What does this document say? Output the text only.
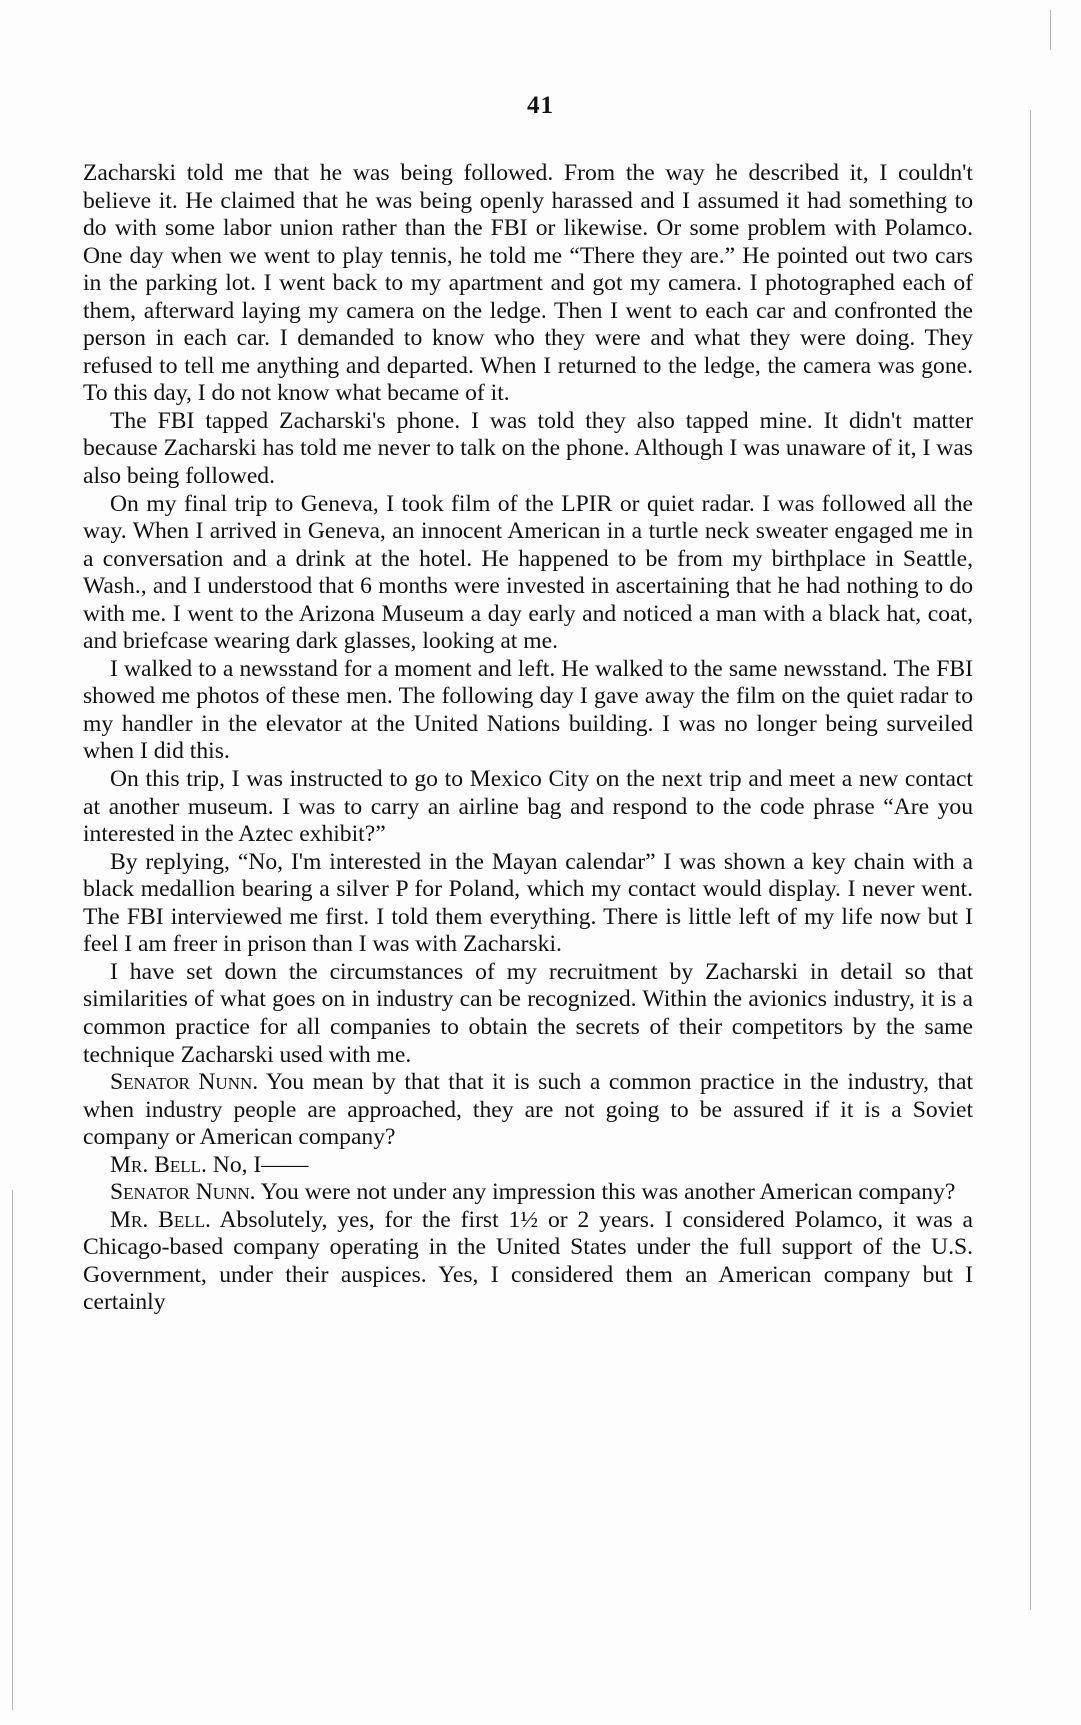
41

Zacharski told me that he was being followed. From the way he described it, I couldn't believe it. He claimed that he was being openly harassed and I assumed it had something to do with some labor union rather than the FBI or likewise. Or some problem with Polamco. One day when we went to play tennis, he told me “There they are.” He pointed out two cars in the parking lot. I went back to my apartment and got my camera. I photographed each of them, afterward laying my camera on the ledge. Then I went to each car and confronted the person in each car. I demanded to know who they were and what they were doing. They refused to tell me anything and departed. When I returned to the ledge, the camera was gone. To this day, I do not know what became of it.

The FBI tapped Zacharski's phone. I was told they also tapped mine. It didn't matter because Zacharski has told me never to talk on the phone. Although I was unaware of it, I was also being followed.

On my final trip to Geneva, I took film of the LPIR or quiet radar. I was followed all the way. When I arrived in Geneva, an innocent American in a turtle neck sweater engaged me in a conversation and a drink at the hotel. He happened to be from my birthplace in Seattle, Wash., and I understood that 6 months were invested in ascertaining that he had nothing to do with me. I went to the Arizona Museum a day early and noticed a man with a black hat, coat, and briefcase wearing dark glasses, looking at me.

I walked to a newsstand for a moment and left. He walked to the same newsstand. The FBI showed me photos of these men. The following day I gave away the film on the quiet radar to my handler in the elevator at the United Nations building. I was no longer being surveiled when I did this.

On this trip, I was instructed to go to Mexico City on the next trip and meet a new contact at another museum. I was to carry an airline bag and respond to the code phrase “Are you interested in the Aztec exhibit?”

By replying, “No, I'm interested in the Mayan calendar” I was shown a key chain with a black medallion bearing a silver P for Poland, which my contact would display. I never went. The FBI interviewed me first. I told them everything. There is little left of my life now but I feel I am freer in prison than I was with Zacharski.

I have set down the circumstances of my recruitment by Zacharski in detail so that similarities of what goes on in industry can be recognized. Within the avionics industry, it is a common practice for all companies to obtain the secrets of their competitors by the same technique Zacharski used with me.

Senator Nunn. You mean by that that it is such a common practice in the industry, that when industry people are approached, they are not going to be assured if it is a Soviet company or American company?

Mr. Bell. No, I——

Senator Nunn. You were not under any impression this was another American company?

Mr. Bell. Absolutely, yes, for the first 1½ or 2 years. I considered Polamco, it was a Chicago-based company operating in the United States under the full support of the U.S. Government, under their auspices. Yes, I considered them an American company but I certainly
